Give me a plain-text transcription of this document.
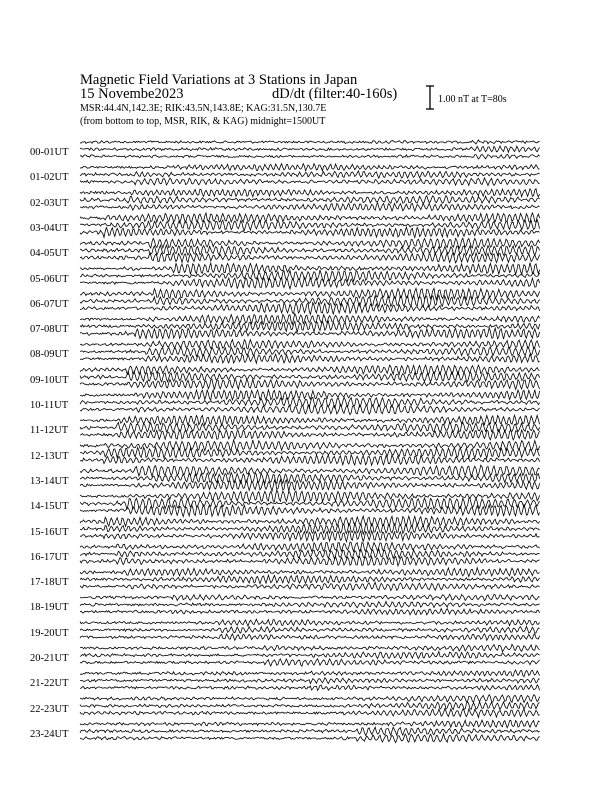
Magnetic Field Variations at 3 Stations in Japan
15 Novembe2023	dD/dt (filter:40-160s)
MSR:44.4N,142.3E; RIK:43.5N,143.8E; KAG:31.5N,130.7E
(from bottom to top, MSR, RIK, & KAG) midnight=1500UT
1.00 nT at T=80s
00-01UT
01-02UT
02-03UT
03-04UT
04-05UT
05-06UT
06-07UT
07-08UT
08-09UT
09-10UT
10-11UT
11-12UT
12-13UT
13-14UT
14-15UT
15-16UT
16-17UT
17-18UT
18-19UT
19-20UT
20-21UT
21-22UT
22-23UT
23-24UT
